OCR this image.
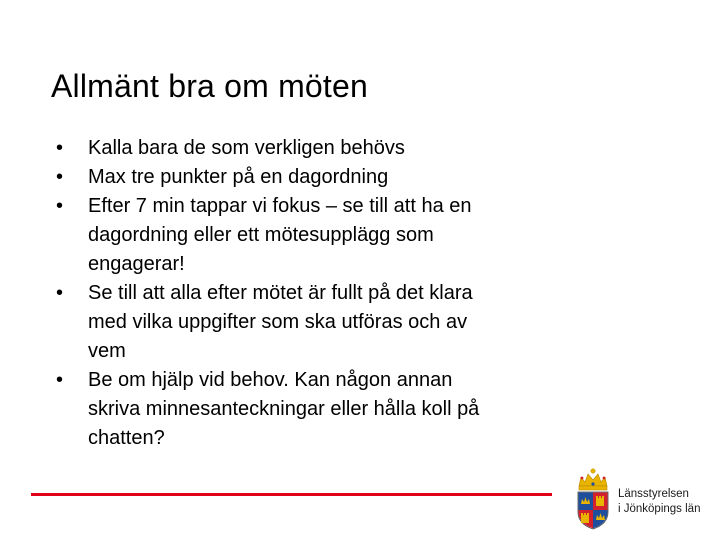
Allmänt bra om möten
• Kalla bara de som verkligen behövs
• Max tre punkter på en dagordning
• Efter 7 min tappar vi fokus – se till att ha en
dagordning eller ett mötesupplägg som
engagerar!
• Se till att alla efter mötet är fullt på det klara
med vilka uppgifter som ska utföras och av
vem
• Be om hjälp vid behov. Kan någon annan
skriva minnesanteckningar eller hålla koll på
chatten?
Länsstyrelsen
i Jönköpings län
